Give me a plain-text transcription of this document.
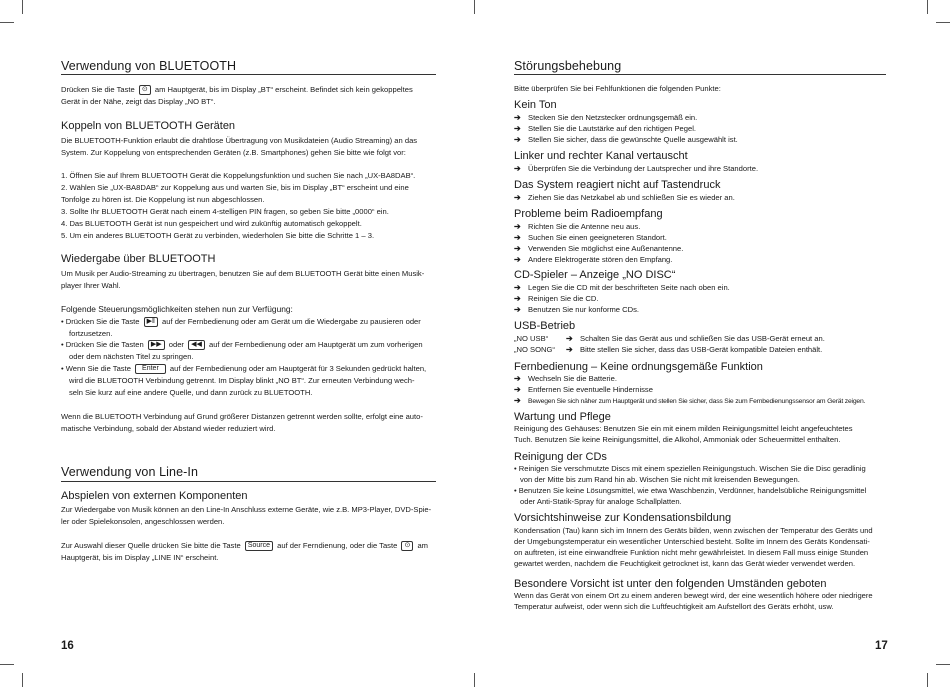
Verwendung von BLUETOOTH
Drücken Sie die Taste ⊙ am Hauptgerät, bis im Display „BT“ erscheint. Befindet sich kein gekoppeltes
Gerät in der Nähe, zeigt das Display „NO BT“.
Koppeln von BLUETOOTH Geräten
Die BLUETOOTH-Funktion erlaubt die drahtlose Übertragung von Musikdateien (Audio Streaming) an das
System. Zur Koppelung von entsprechenden Geräten (z.B. Smartphones) gehen Sie bitte wie folgt vor:
1. Öffnen Sie auf Ihrem BLUETOOTH Gerät die Koppelungsfunktion und suchen Sie nach „UX-BA8DAB“.
2. Wählen Sie „UX-BA8DAB“ zur Koppelung aus und warten Sie, bis im Display „BT“ erscheint und eine
Tonfolge zu hören ist. Die Koppelung ist nun abgeschlossen.
3. Sollte Ihr BLUETOOTH Gerät nach einem 4-stelligen PIN fragen, so geben Sie bitte „0000“ ein.
4. Das BLUETOOTH Gerät ist nun gespeichert und wird zukünftig automatisch gekoppelt.
5. Um ein anderes BLUETOOTH Gerät zu verbinden, wiederholen Sie bitte die Schritte 1 – 3.
Wiedergabe über BLUETOOTH
Um Musik per Audio-Streaming zu übertragen, benutzen Sie auf dem BLUETOOTH Gerät bitte einen Musik-
player Ihrer Wahl.
Folgende Steuerungsmöglichkeiten stehen nun zur Verfügung:
• Drücken Sie die Taste ▶‖ auf der Fernbedienung oder am Gerät um die Wiedergabe zu pausieren oder
fortzusetzen.
• Drücken Sie die Tasten ▶▶ oder ◀◀ auf der Fernbedienung oder am Hauptgerät um zum vorherigen
oder dem nächsten Titel zu springen.
• Wenn Sie die Taste Enter auf der Fernbedienung oder am Hauptgerät für 3 Sekunden gedrückt halten,
wird die BLUETOOTH Verbindung getrennt. Im Display blinkt „NO BT“. Zur erneuten Verbindung wech-
seln Sie kurz auf eine andere Quelle, und dann zurück zu BLUETOOTH.
Wenn die BLUETOOTH Verbindung auf Grund größerer Distanzen getrennt werden sollte, erfolgt eine auto-
matische Verbindung, sobald der Abstand wieder reduziert wird.
Verwendung von Line-In
Abspielen von externen Komponenten
Zur Wiedergabe von Musik können an den Line-In Anschluss externe Geräte, wie z.B. MP3-Player, DVD-Spie-
ler oder Spielekonsolen, angeschlossen werden.
Zur Auswahl dieser Quelle drücken Sie bitte die Taste Source auf der Ferndienung, oder die Taste ⊙ am
Hauptgerät, bis im Display „LINE IN“ erscheint.
16
Störungsbehebung
Bitte überprüfen Sie bei Fehlfunktionen die folgenden Punkte:
Kein Ton
➔ Stecken Sie den Netzstecker ordnungsgemäß ein.
➔ Stellen Sie die Lautstärke auf den richtigen Pegel.
➔ Stellen Sie sicher, dass die gewünschte Quelle ausgewählt ist.
Linker und rechter Kanal vertauscht
➔ Überprüfen Sie die Verbindung der Lautsprecher und ihre Standorte.
Das System reagiert nicht auf Tastendruck
➔ Ziehen Sie das Netzkabel ab und schließen Sie es wieder an.
Probleme beim Radioempfang
➔ Richten Sie die Antenne neu aus.
➔ Suchen Sie einen geeigneteren Standort.
➔ Verwenden Sie möglichst eine Außenantenne.
➔ Andere Elektrogeräte stören den Empfang.
CD-Spieler – Anzeige „NO DISC“
➔ Legen Sie die CD mit der beschrifteten Seite nach oben ein.
➔ Reinigen Sie die CD.
➔ Benutzen Sie nur konforme CDs.
USB-Betrieb
„NO USB“ ➔ Schalten Sie das Gerät aus und schließen Sie das USB-Gerät erneut an.
„NO SONG“ ➔ Bitte stellen Sie sicher, dass das USB-Gerät kompatible Dateien enthält.
Fernbedienung – Keine ordnungsgemäße Funktion
➔ Wechseln Sie die Batterie.
➔ Entfernen Sie eventuelle Hindernisse
➔ Bewegen Sie sich näher zum Hauptgerät und stellen Sie sicher, dass Sie zum Fernbedienungssensor am Gerät zeigen.
Wartung und Pflege
Reinigung des Gehäuses: Benutzen Sie ein mit einem milden Reinigungsmittel leicht angefeuchtetes
Tuch. Benutzen Sie keine Reinigungsmittel, die Alkohol, Ammoniak oder Scheuermittel enthalten.
Reinigung der CDs
• Reinigen Sie verschmutzte Discs mit einem speziellen Reinigungstuch. Wischen Sie die Disc geradlinig
von der Mitte bis zum Rand hin ab. Wischen Sie nicht mit kreisenden Bewegungen.
• Benutzen Sie keine Lösungsmittel, wie etwa Waschbenzin, Verdünner, handelsübliche Reinigungsmittel
oder Anti-Statik-Spray für analoge Schallplatten.
Vorsichtshinweise zur Kondensationsbildung
Kondensation (Tau) kann sich im Innern des Geräts bilden, wenn zwischen der Temperatur des Geräts und
der Umgebungstemperatur ein wesentlicher Unterschied besteht. Sollte im Innern des Geräts Kondensati-
on auftreten, ist eine einwandfreie Funktion nicht mehr gewährleistet. In diesem Fall muss einige Stunden
gewartet werden, nachdem die Feuchtigkeit getrocknet ist, kann das Gerät wieder verwendet werden.
Besondere Vorsicht ist unter den folgenden Umständen geboten
Wenn das Gerät von einem Ort zu einem anderen bewegt wird, der eine wesentlich höhere oder niedrigere
Temperatur aufweist, oder wenn sich die Luftfeuchtigkeit am Aufstellort des Geräts erhöht, usw.
17
